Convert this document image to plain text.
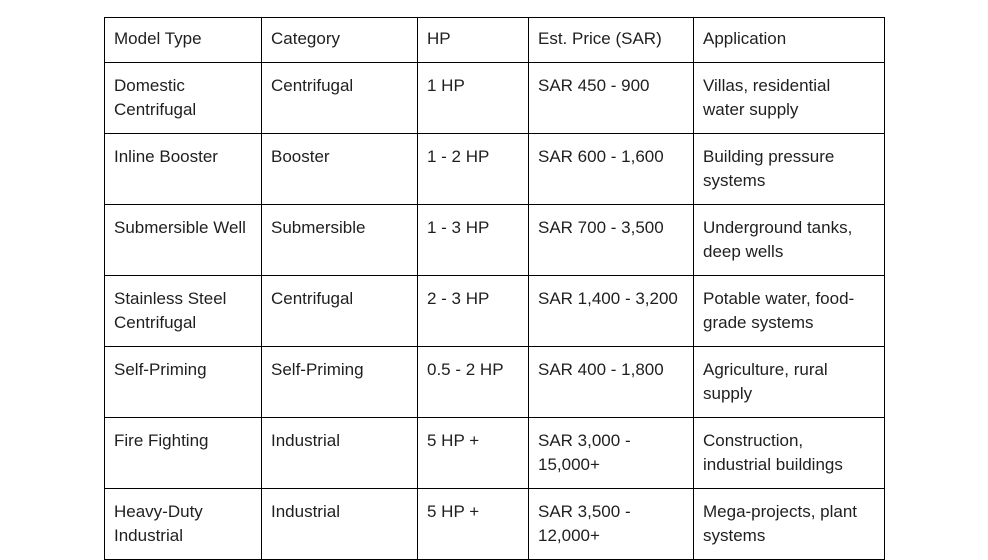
Model Type	Category	HP	Est. Price (SAR)	Application
Domestic Centrifugal	Centrifugal	1 HP	SAR 450 - 900	Villas, residential water supply
Inline Booster	Booster	1 - 2 HP	SAR 600 - 1,600	Building pressure systems
Submersible Well	Submersible	1 - 3 HP	SAR 700 - 3,500	Underground tanks, deep wells
Stainless Steel Centrifugal	Centrifugal	2 - 3 HP	SAR 1,400 - 3,200	Potable water, food-grade systems
Self-Priming	Self-Priming	0.5 - 2 HP	SAR 400 - 1,800	Agriculture, rural supply
Fire Fighting	Industrial	5 HP +	SAR 3,000 - 15,000+	Construction, industrial buildings
Heavy-Duty Industrial	Industrial	5 HP +	SAR 3,500 - 12,000+	Mega-projects, plant systems
